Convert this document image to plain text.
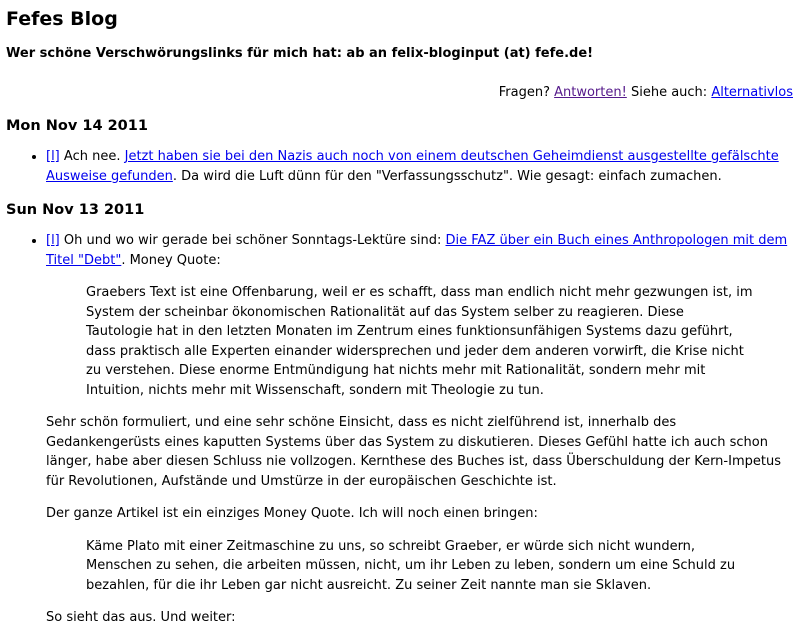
Fefes Blog
Wer schöne Verschwörungslinks für mich hat: ab an felix-bloginput (at) fefe.de!
Fragen? Antworten! Siehe auch: Alternativlos
Mon Nov 14 2011
• [l] Ach nee. Jetzt haben sie bei den Nazis auch noch von einem deutschen Geheimdienst ausgestellte gefälschte Ausweise gefunden. Da wird die Luft dünn für den "Verfassungsschutz". Wie gesagt: einfach zumachen.
Sun Nov 13 2011
• [l] Oh und wo wir gerade bei schöner Sonntags-Lektüre sind: Die FAZ über ein Buch eines Anthropologen mit dem Titel "Debt". Money Quote:
Graebers Text ist eine Offenbarung, weil er es schafft, dass man endlich nicht mehr gezwungen ist, im System der scheinbar ökonomischen Rationalität auf das System selber zu reagieren. Diese Tautologie hat in den letzten Monaten im Zentrum eines funktionsunfähigen Systems dazu geführt, dass praktisch alle Experten einander widersprechen und jeder dem anderen vorwirft, die Krise nicht zu verstehen. Diese enorme Entmündigung hat nichts mehr mit Rationalität, sondern mehr mit Intuition, nichts mehr mit Wissenschaft, sondern mit Theologie zu tun.

Sehr schön formuliert, und eine sehr schöne Einsicht, dass es nicht zielführend ist, innerhalb des Gedankengerüsts eines kaputten Systems über das System zu diskutieren. Dieses Gefühl hatte ich auch schon länger, habe aber diesen Schluss nie vollzogen. Kernthese des Buches ist, dass Überschuldung der Kern-Impetus für Revolutionen, Aufstände und Umstürze in der europäischen Geschichte ist.

Der ganze Artikel ist ein einziges Money Quote. Ich will noch einen bringen:

Käme Plato mit einer Zeitmaschine zu uns, so schreibt Graeber, er würde sich nicht wundern, Menschen zu sehen, die arbeiten müssen, nicht, um ihr Leben zu leben, sondern um eine Schuld zu bezahlen, für die ihr Leben gar nicht ausreicht. Zu seiner Zeit nannte man sie Sklaven.

So sieht das aus. Und weiter:
